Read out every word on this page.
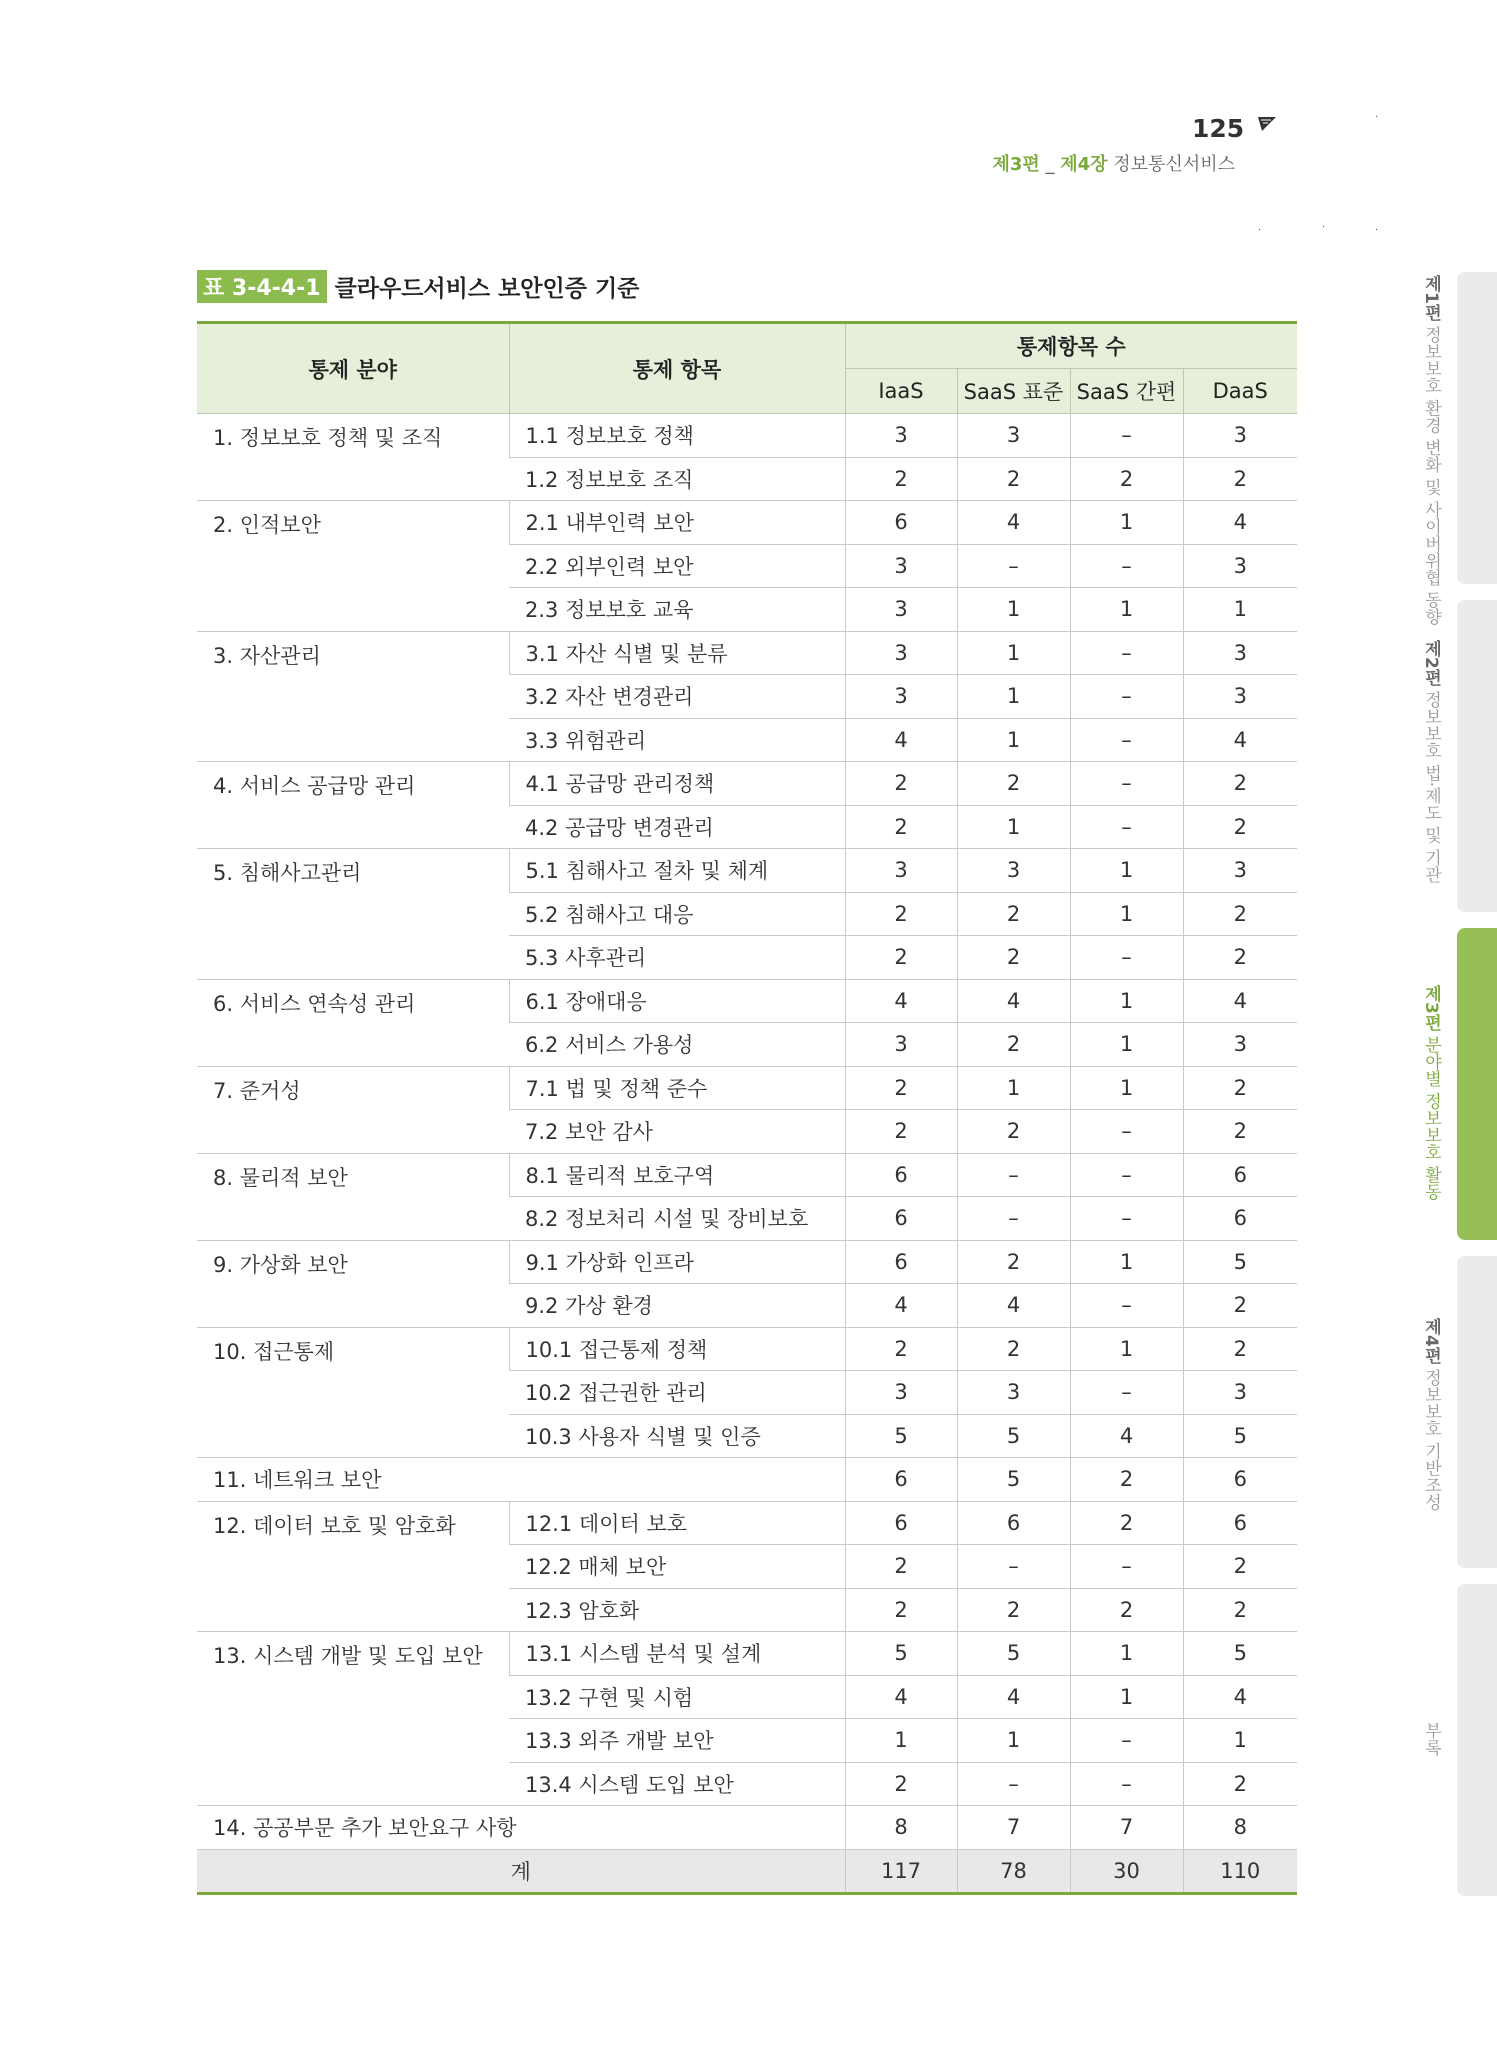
125
제3편 _ 제4장 정보통신서비스
·
·	·	·
표 3-4-4-1 클라우드서비스 보안인증 기준
통제 분야	통제 항목	통제항목 수			
		IaaS	SaaS 표준	SaaS 간편	DaaS
1. 정보보호 정책 및 조직	1.1 정보보호 정책	3	3	–	3
	1.2 정보보호 조직	2	2	2	2
2. 인적보안	2.1 내부인력 보안	6	4	1	4
	2.2 외부인력 보안	3	–	–	3
	2.3 정보보호 교육	3	1	1	1
3. 자산관리	3.1 자산 식별 및 분류	3	1	–	3
	3.2 자산 변경관리	3	1	–	3
	3.3 위험관리	4	1	–	4
4. 서비스 공급망 관리	4.1 공급망 관리정책	2	2	–	2
	4.2 공급망 변경관리	2	1	–	2
5. 침해사고관리	5.1 침해사고 절차 및 체계	3	3	1	3
	5.2 침해사고 대응	2	2	1	2
	5.3 사후관리	2	2	–	2
6. 서비스 연속성 관리	6.1 장애대응	4	4	1	4
	6.2 서비스 가용성	3	2	1	3
7. 준거성	7.1 법 및 정책 준수	2	1	1	2
	7.2 보안 감사	2	2	–	2
8. 물리적 보안	8.1 물리적 보호구역	6	–	–	6
	8.2 정보처리 시설 및 장비보호	6	–	–	6
9. 가상화 보안	9.1 가상화 인프라	6	2	1	5
	9.2 가상 환경	4	4	–	2
10. 접근통제	10.1 접근통제 정책	2	2	1	2
	10.2 접근권한 관리	3	3	–	3
	10.3 사용자 식별 및 인증	5	5	4	5
11. 네트워크 보안		6	5	2	6
12. 데이터 보호 및 암호화	12.1 데이터 보호	6	6	2	6
	12.2 매체 보안	2	–	–	2
	12.3 암호화	2	2	2	2
13. 시스템 개발 및 도입 보안	13.1 시스템 분석 및 설계	5	5	1	5
	13.2 구현 및 시험	4	4	1	4
	13.3 외주 개발 보안	1	1	–	1
	13.4 시스템 도입 보안	2	–	–	2
14. 공공부문 추가 보안요구 사항		8	7	7	8
계		117	78	30	110
제1편 정보보호 환경 변화 및 사이버위협 동향
제2편 정보보호 법·제도 및 기관
제3편 분야별 정보보호 활동
제4편 정보보호 기반조성
부록
